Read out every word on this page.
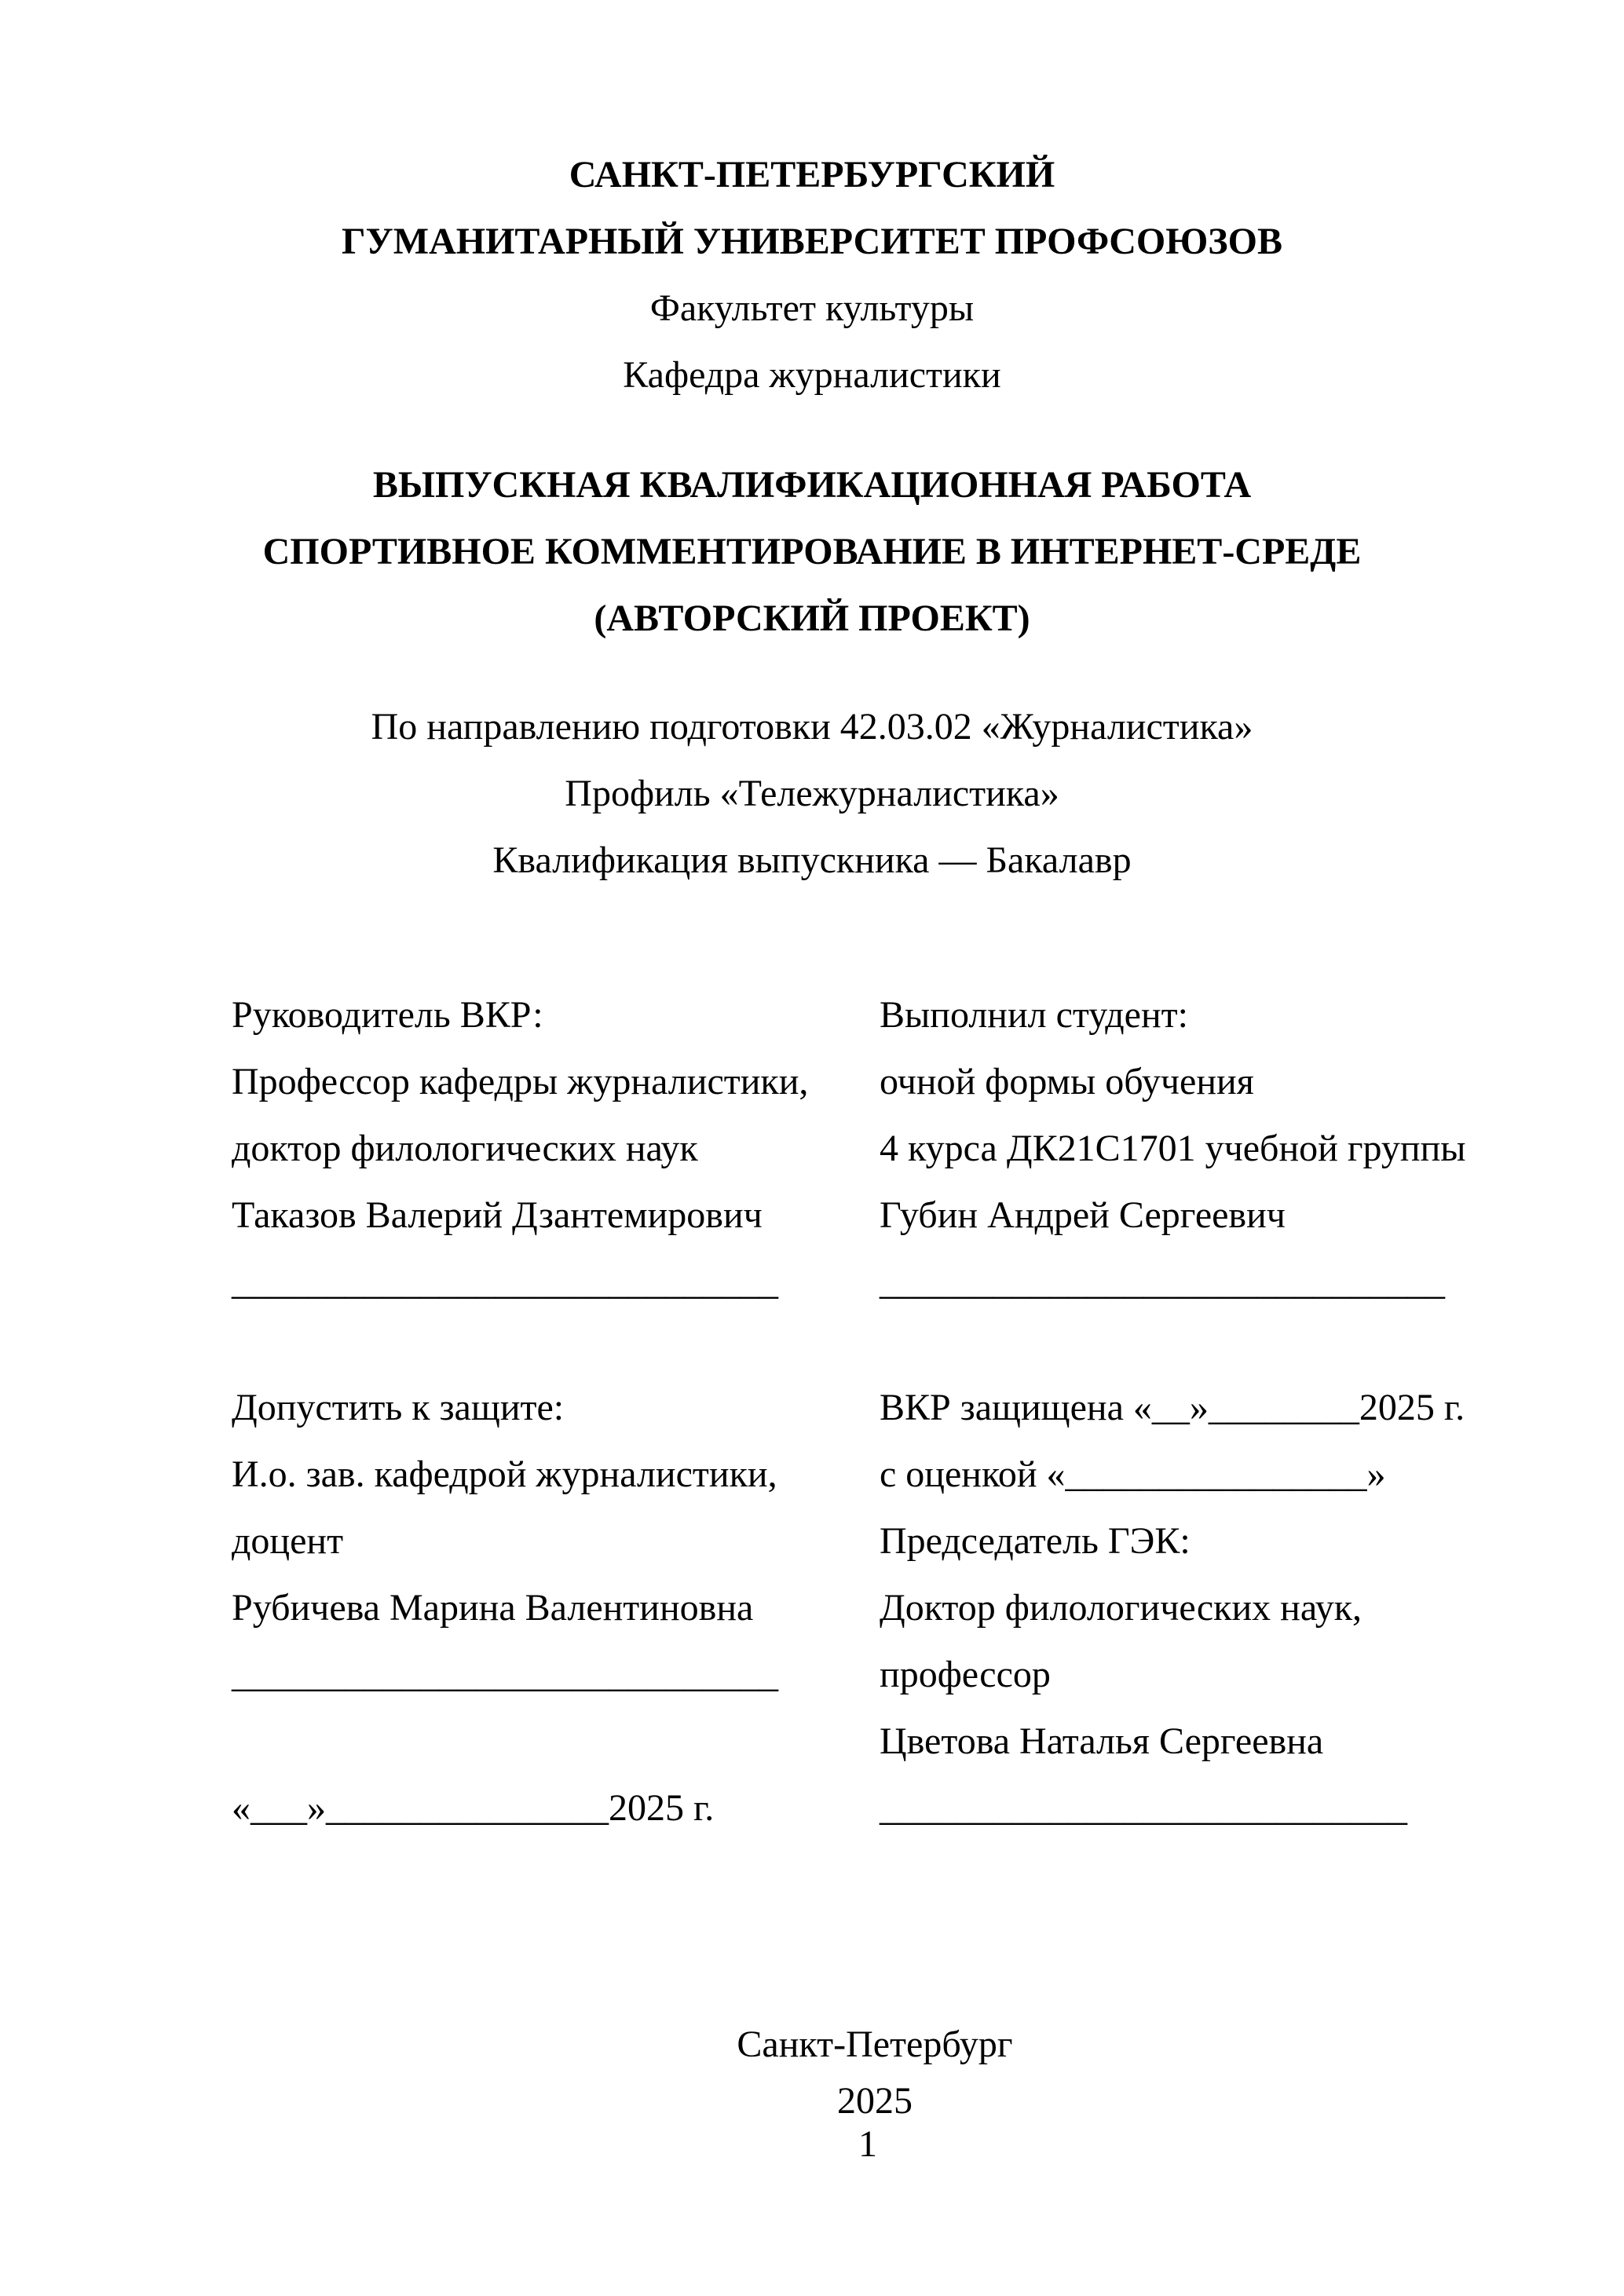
САНКТ-ПЕТЕРБУРГСКИЙ
ГУМАНИТАРНЫЙ УНИВЕРСИТЕТ ПРОФСОЮЗОВ
Факультет культуры
Кафедра журналистики
ВЫПУСКНАЯ КВАЛИФИКАЦИОННАЯ РАБОТА
СПОРТИВНОЕ КОММЕНТИРОВАНИЕ В ИНТЕРНЕТ-СРЕДЕ
(АВТОРСКИЙ ПРОЕКТ)
По направлению подготовки 42.03.02 «Журналистика»
Профиль «Тележурналистика»
Квалификация выпускника — Бакалавр
Руководитель ВКР:
Профессор кафедры журналистики,
доктор филологических наук
Таказов Валерий Дзантемирович
_____________________________
Выполнил студент:
очной формы обучения
4 курса ДК21С1701 учебной группы
Губин Андрей Сергеевич
______________________________
Допустить к защите:
И.о. зав. кафедрой журналистики,
доцент
Рубичева Марина Валентиновна
_____________________________
«___»_______________2025 г.
ВКР защищена «__»________2025 г.
с оценкой «________________»
Председатель ГЭК:
Доктор филологических наук,
профессор
Цветова Наталья Сергеевна
____________________________
Санкт-Петербург
2025
1
